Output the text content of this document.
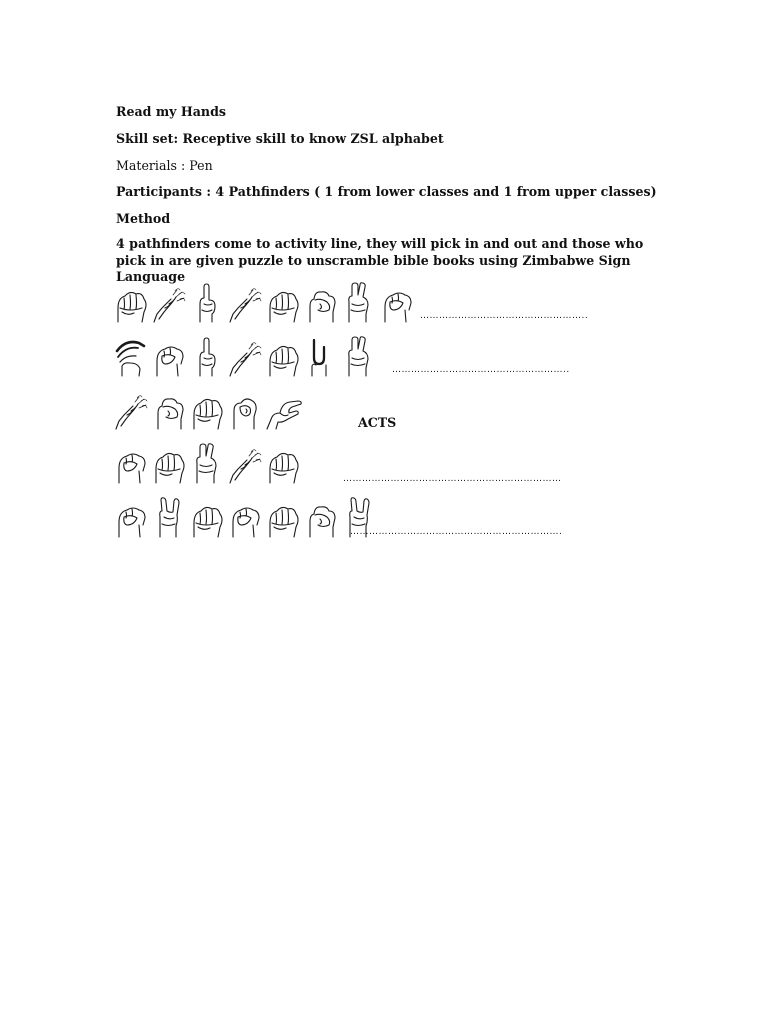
Read my Hands
Skill set: Receptive skill to know ZSL alphabet
Materials : Pen
Participants : 4 Pathfinders ( 1 from lower classes and 1 from upper classes)
Method
4 pathfinders come to activity line, they will pick in and out and those who pick in are given puzzle to unscramble bible books using Zimbabwe Sign Language
……………………………………………..
………………………………………………..
ACTS
……………………………………………………………
………………………………………………………….
